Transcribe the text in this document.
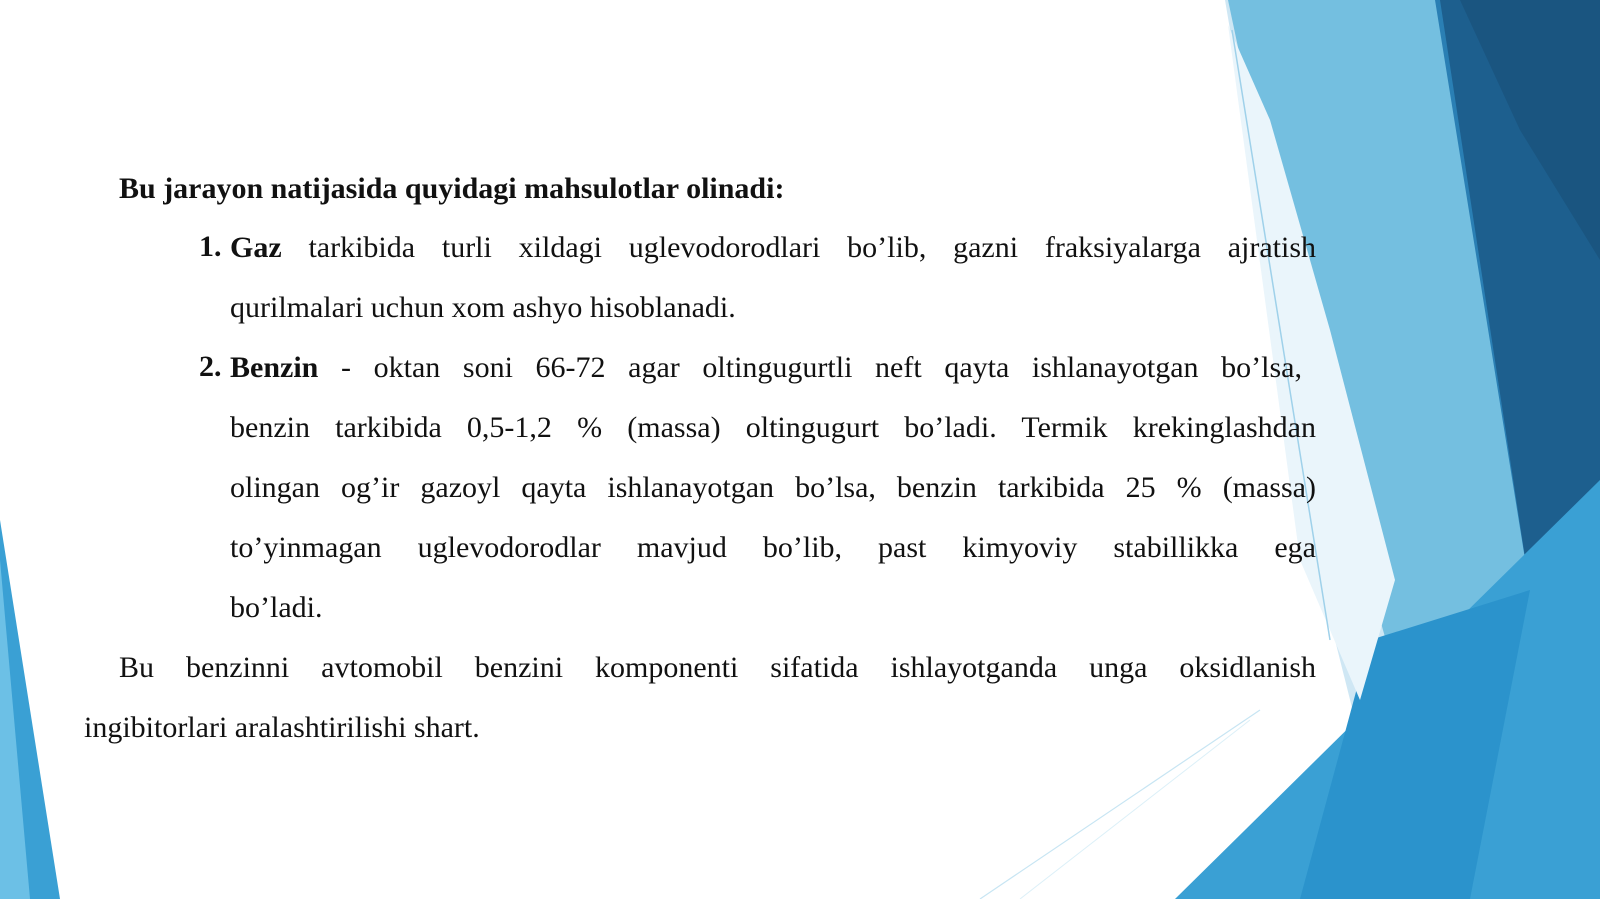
Bu jarayon natijasida quyidagi mahsulotlar olinadi:
1. Gaz tarkibida turli xildagi uglevodorodlari bo’lib, gazni fraksiyalarga ajratish
qurilmalari uchun xom ashyo hisoblanadi.
2. Benzin - oktan soni 66-72 agar oltingugurtli neft qayta ishlanayotgan bo’lsa,
benzin tarkibida 0,5-1,2 % (massa) oltingugurt bo’ladi. Termik krekinglashdan
olingan og’ir gazoyl qayta ishlanayotgan bo’lsa, benzin tarkibida 25 % (massa)
to’yinmagan uglevodorodlar mavjud bo’lib, past kimyoviy stabillikka ega
bo’ladi.
Bu benzinni avtomobil benzini komponenti sifatida ishlayotganda unga oksidlanish
ingibitorlari aralashtirilishi shart.
